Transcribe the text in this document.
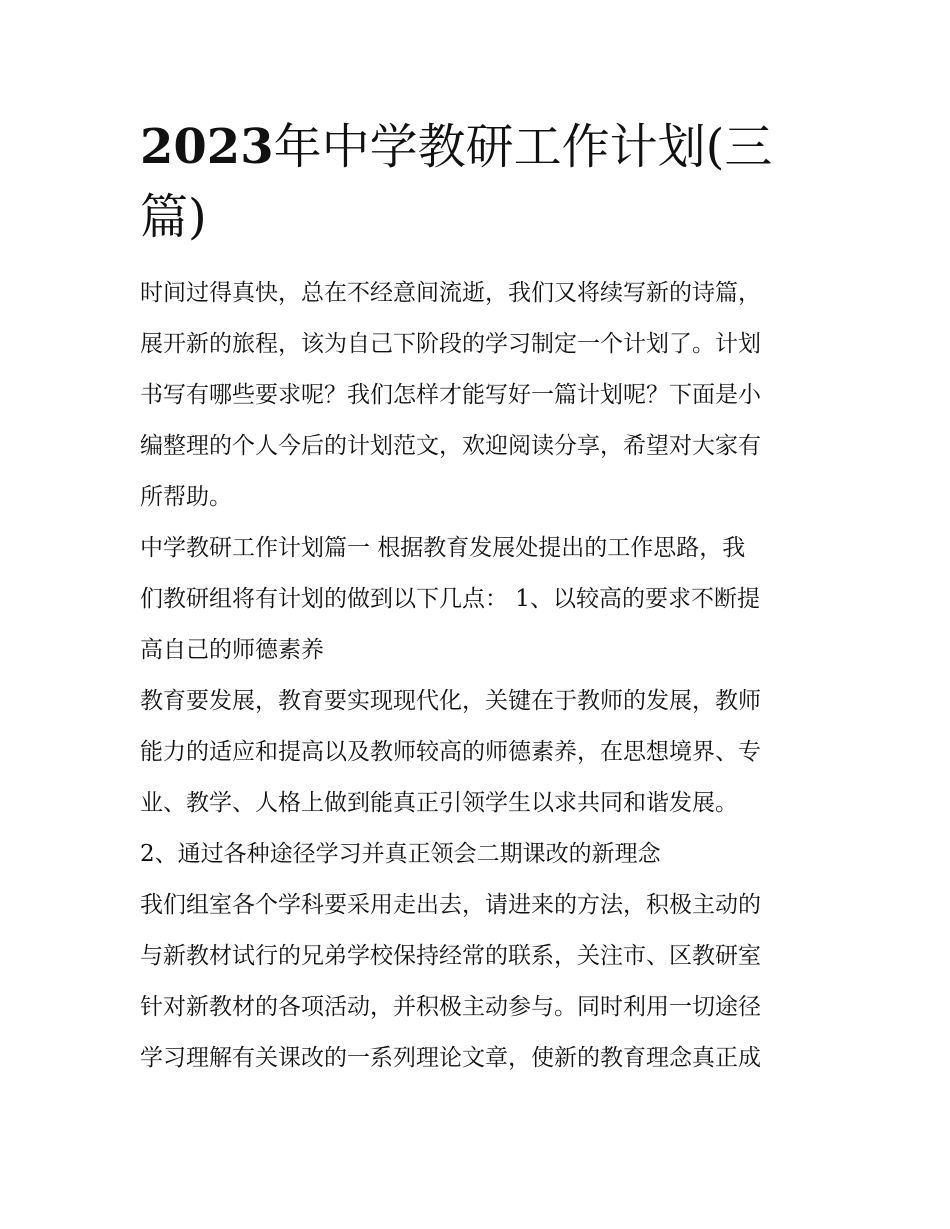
2023年中学教研工作计划(三
篇)
时间过得真快，总在不经意间流逝，我们又将续写新的诗篇，
展开新的旅程，该为自己下阶段的学习制定一个计划了。计划
书写有哪些要求呢？我们怎样才能写好一篇计划呢？下面是小
编整理的个人今后的计划范文，欢迎阅读分享，希望对大家有
所帮助。
中学教研工作计划篇一 根据教育发展处提出的工作思路，我
们教研组将有计划的做到以下几点： 1、以较高的要求不断提
高自己的师德素养
教育要发展，教育要实现现代化，关键在于教师的发展，教师
能力的适应和提高以及教师较高的师德素养，在思想境界、专
业、教学、人格上做到能真正引领学生以求共同和谐发展。
2、通过各种途径学习并真正领会二期课改的新理念
我们组室各个学科要采用走出去，请进来的方法，积极主动的
与新教材试行的兄弟学校保持经常的联系，关注市、区教研室
针对新教材的各项活动，并积极主动参与。同时利用一切途径
学习理解有关课改的一系列理论文章，使新的教育理念真正成
